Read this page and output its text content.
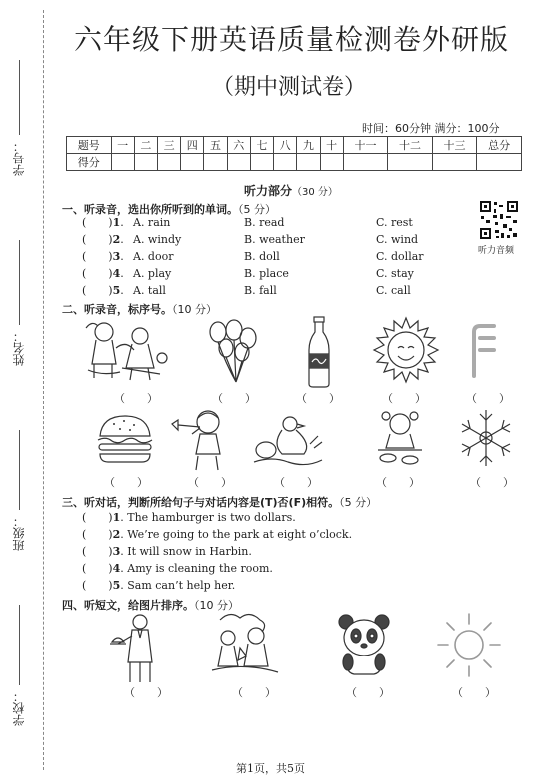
学号：
姓名：
班级：
学校：
六年级下册英语质量检测卷外研版
（期中测试卷）
时间：60分钟 满分：100分
题号	一	二	三	四	五	六	七	八	九	十	十一	十二	十三	总分
得分														
听力部分（30 分）
听力音频
一、听录音，选出你所听到的单词。（5 分）
( )1. A. rain	B. read	C. rest
( )2. A. windy	B. weather	C. wind
( )3. A. door	B. doll	C. dollar
( )4. A. play	B. place	C. stay
( )5. A. tall	B. fall	C. call
二、听录音，标序号。（10 分）
（　　）	（　　）	（　　）	（　　）	（　　）
（　　）	（　　）	（　　）	（　　）	（　　）
三、听对话，判断所给句子与对话内容是(T)否(F)相符。（5 分）
( )1. The hamburger is two dollars.
( )2. We’re going to the park at eight o’clock.
( )3. It will snow in Harbin.
( )4. Amy is cleaning the room.
( )5. Sam can’t help her.
四、听短文，给图片排序。（10 分）
（　　）	（　　）	（　　）	（　　）
第1页，共5页
